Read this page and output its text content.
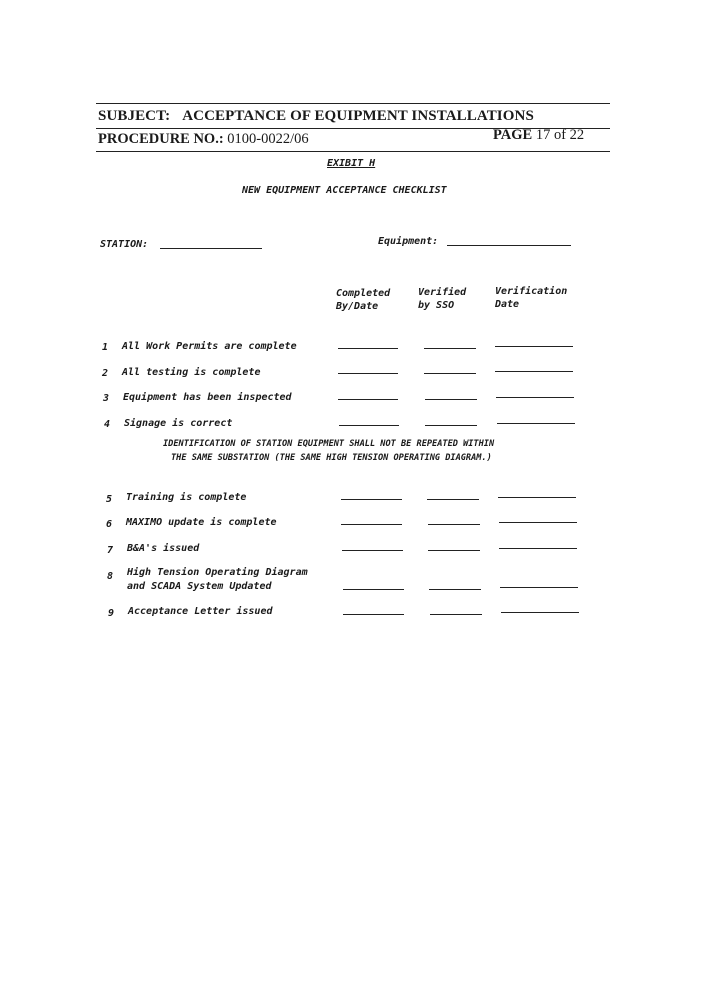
SUBJECT: ACCEPTANCE OF EQUIPMENT INSTALLATIONS
PROCEDURE NO.: 0100-0022/06	PAGE 17 of 22
EXIBIT H
NEW EQUIPMENT ACCEPTANCE CHECKLIST
STATION:	Equipment:
Completed
By/Date
Verified
by SSO
Verification
Date
1 All Work Permits are complete
2 All testing is complete
3 Equipment has been inspected
4 Signage is correct
IDENTIFICATION OF STATION EQUIPMENT SHALL NOT BE REPEATED WITHIN
THE SAME SUBSTATION (THE SAME HIGH TENSION OPERATING DIAGRAM.)
5 Training is complete
6 MAXIMO update is complete
7 B&A's issued
8 High Tension Operating Diagram
and SCADA System Updated
9 Acceptance Letter issued
